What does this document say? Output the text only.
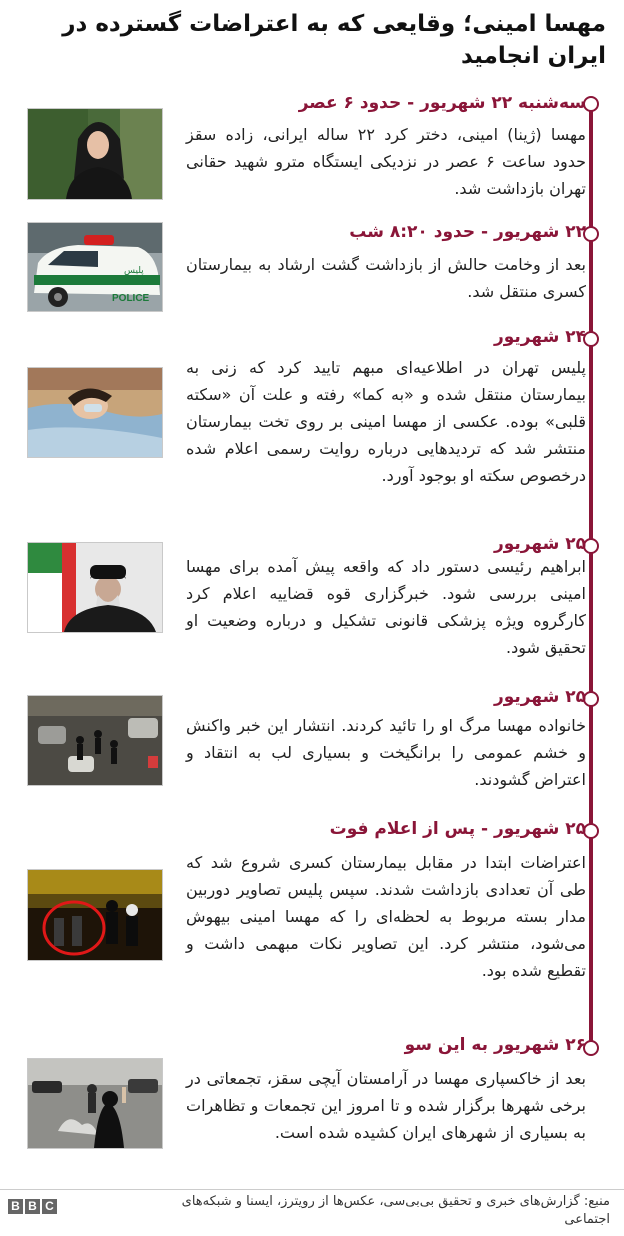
مهسا امینی؛ وقایعی که به اعتراضات گسترده در ایران انجامید
سه‌شنبه ۲۲ شهریور - حدود ۶ عصر
مهسا (ژینا) امینی، دختر کرد ۲۲ ساله ایرانی، زاده سقز حدود ساعت ۶ عصر در نزدیکی ایستگاه مترو شهید حقانی تهران بازداشت شد.
۲۲ شهریور - حدود ۸:۲۰ شب
بعد از وخامت حالش از بازداشت گشت ارشاد به بیمارستان کسری منتقل شد.
پلیس
POLICE
۲۴ شهریور
پلیس تهران در اطلاعیه‌ای مبهم تایید کرد که زنی به بیمارستان منتقل شده و «به کما» رفته و علت آن «سکته قلبی» بوده. عکسی از مهسا امینی بر روی تخت بیمارستان منتشر شد که تردیدهایی درباره روایت رسمی اعلام شده درخصوص سکته او بوجود آورد.
۲۵ شهریور
ابراهیم رئیسی دستور داد که واقعه پیش آمده برای مهسا امینی بررسی شود. خبرگزاری قوه قضاییه اعلام کرد کارگروه ویژه پزشکی قانونی تشکیل و درباره وضعیت او تحقیق شود.
۲۵ شهریور
خانواده مهسا مرگ او را تائید کردند. انتشار این خبر واکنش و خشم عمومی را برانگیخت و بسیاری لب به انتقاد و اعتراض گشودند.
۲۵ شهریور - پس از اعلام فوت
اعتراضات ابتدا در مقابل بیمارستان کسری شروع شد که طی آن تعدادی بازداشت شدند. سپس پلیس تصاویر دوربین مدار بسته مربوط به لحظه‌ای را که مهسا امینی بیهوش می‌شود، منتشر کرد. این تصاویر نکات مبهمی داشت و تقطیع شده بود.
۲۶ شهریور به این سو
بعد از خاکسپاری مهسا در آرامستان آیچی سقز، تجمعاتی در برخی شهرها برگزار شده و تا امروز این تجمعات و تظاهرات به بسیاری از شهرهای ایران کشیده شده است.
B B C	منبع: گزارش‌های خبری و تحقیق بی‌بی‌سی، عکس‌ها از رویترز، ایسنا و شبکه‌های اجتماعی
